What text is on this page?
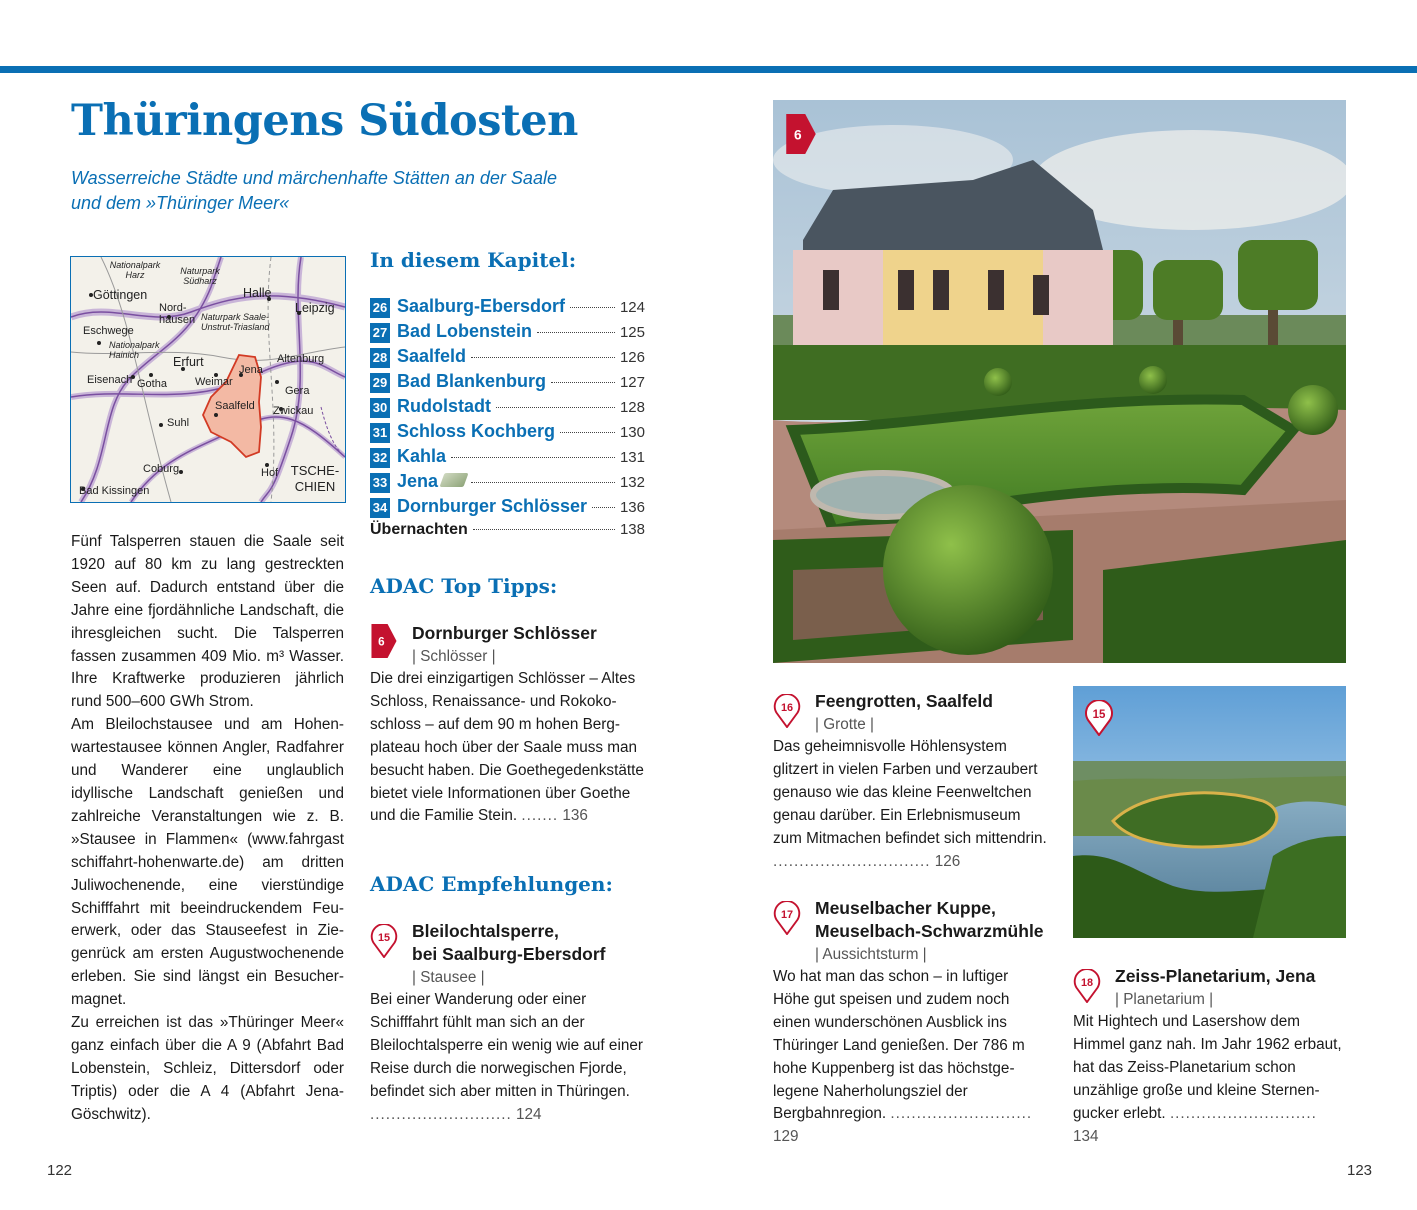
Thüringens Südosten
Wasserreiche Städte und märchenhafte Stätten an der Saale
und dem »Thüringer Meer«
Nationalpark Harz	Naturpark Südharz
Göttingen	Halle
Leipzig
Nord-hausen Naturpark Saale-Unstrut-Triasland
Eschwege
Nationalpark Hainich	Erfurt	Altenburg
Jena
Eisenach Gotha	Weimar
Gera
Saalfeld Zwickau
Suhl
Coburg	Hof TSCHE-CHIEN
Bad Kissingen

Fünf Talsperren stauen die Saale seit 1920 auf 80 km zu lang gestreckten Seen auf. Dadurch entstand über die Jahre eine fjordähnliche Landschaft, die ihresgleichen sucht. Die Talsperren fassen zusammen 409 Mio. m³ Wasser. Ihre Kraftwerke produzieren jährlich rund 500–600 GWh Strom.

Am Bleilochstausee und am Hohenwartestausee können Angler, Radfahrer und Wanderer eine unglaublich idyllische Landschaft genießen und zahlreiche Veranstaltungen wie z. B. »Stausee in Flammen« (www.fahrgast schiffahrt-hohenwarte.de) am dritten Juliwochenende, eine vierstündige Schifffahrt mit beeindruckendem Feuerwerk, oder das Stauseefest in Ziegenrück am ersten Augustwochenende erleben. Sie sind längst ein Besuchermagnet.

Zu erreichen ist das »Thüringer Meer« ganz einfach über die A 9 (Abfahrt Bad Lobenstein, Schleiz, Dittersdorf oder Triptis) oder die A 4 (Abfahrt Jena-Göschwitz).

In diesem Kapitel:
26 Saalburg-Ebersdorf	124
27 Bad Lobenstein	125
28 Saalfeld	126
29 Bad Blankenburg	127
30 Rudolstadt	128
31 Schloss Kochberg	130
32 Kahla	131
33 Jena	132
34 Dornburger Schlösser 136
Übernachten	138
ADAC Top Tipps:
6 Dornburger Schlösser
| Schlösser |
Die drei einzigartigen Schlösser – Altes Schloss, Renaissance- und Rokokoschloss – auf dem 90 m hohen Bergplateau hoch über der Saale muss man besucht haben. Die Goethegedenkstätte bietet viele Informationen über Goethe und die Familie Stein. ....... 136
ADAC Empfehlungen:
15 Bleilochtalsperre,
bei Saalburg-Ebersdorf
| Stausee |
Bei einer Wanderung oder einer Schifffahrt fühlt man sich an der Bleilochtalsperre ein wenig wie auf einer Reise durch die norwegischen Fjorde, befindet sich aber mitten in Thüringen. ........................... 124
6
16 Feengrotten, Saalfeld
| Grotte |
Das geheimnisvolle Höhlensystem glitzert in vielen Farben und verzaubert genauso wie das kleine Feenweltchen genau darüber. Ein Erlebnismuseum zum Mitmachen befindet sich mittendrin. .............................. 126
17 Meuselbacher Kuppe,
Meuselbach-Schwarzmühle
| Aussichtsturm |
Wo hat man das schon – in luftiger Höhe gut speisen und zudem noch einen wunderschönen Ausblick ins Thüringer Land genießen. Der 786 m hohe Kuppenberg ist das höchstgelegene Naherholungsziel der Bergbahnregion. ........................... 129
15
18 Zeiss-Planetarium, Jena
| Planetarium |
Mit Hightech und Lasershow dem Himmel ganz nah. Im Jahr 1962 erbaut, hat das Zeiss-Planetarium schon unzählige große und kleine Sternengucker erlebt. ............................ 134
122	123
